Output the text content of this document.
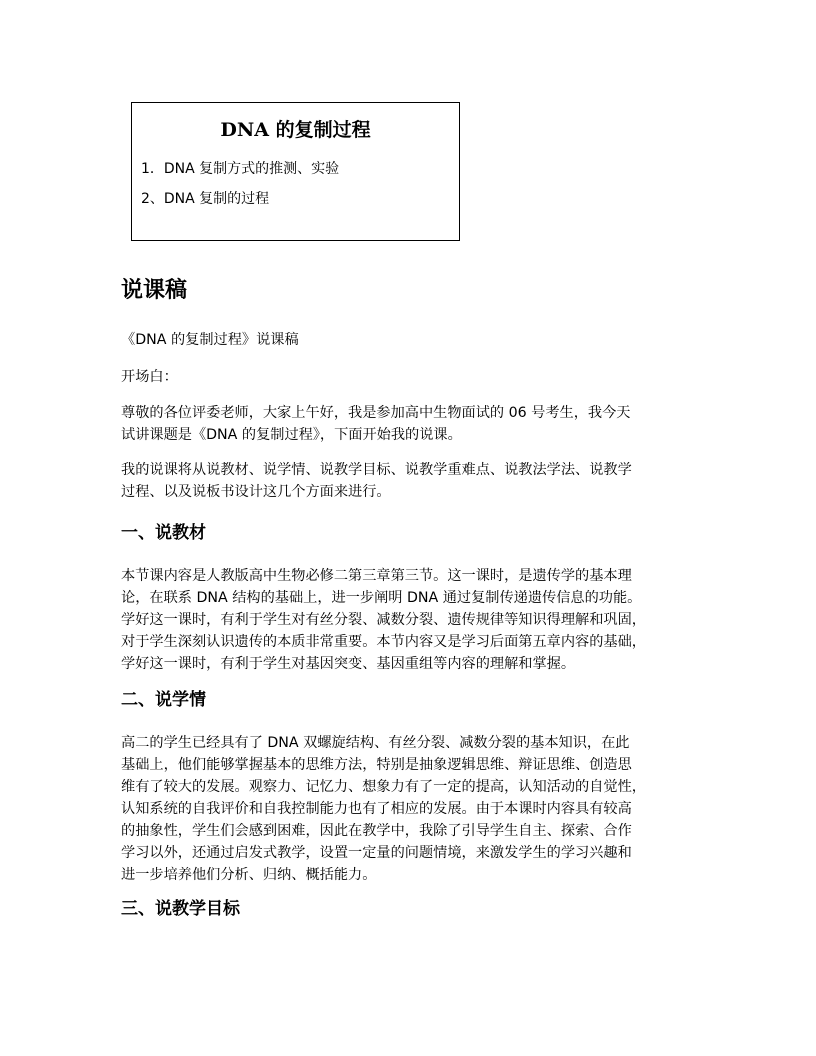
DNA 的复制过程
1．DNA 复制方式的推测、实验
2、DNA 复制的过程
说课稿

《DNA 的复制过程》说课稿

开场白：

尊敬的各位评委老师，大家上午好，我是参加高中生物面试的 06 号考生，我今天
试讲课题是《DNA 的复制过程》，下面开始我的说课。

我的说课将从说教材、说学情、说教学目标、说教学重难点、说教法学法、说教学
过程、以及说板书设计这几个方面来进行。

一、说教材

本节课内容是人教版高中生物必修二第三章第三节。这一课时，是遗传学的基本理
论，在联系 DNA 结构的基础上，进一步阐明 DNA 通过复制传递遗传信息的功能。
学好这一课时，有利于学生对有丝分裂、减数分裂、遗传规律等知识得理解和巩固，
对于学生深刻认识遗传的本质非常重要。本节内容又是学习后面第五章内容的基础，
学好这一课时，有利于学生对基因突变、基因重组等内容的理解和掌握。

二、说学情

高二的学生已经具有了 DNA 双螺旋结构、有丝分裂、减数分裂的基本知识，在此
基础上，他们能够掌握基本的思维方法，特别是抽象逻辑思维、辩证思维、创造思
维有了较大的发展。观察力、记忆力、想象力有了一定的提高，认知活动的自觉性，
认知系统的自我评价和自我控制能力也有了相应的发展。由于本课时内容具有较高
的抽象性，学生们会感到困难，因此在教学中，我除了引导学生自主、探索、合作
学习以外，还通过启发式教学，设置一定量的问题情境，来激发学生的学习兴趣和
进一步培养他们分析、归纳、概括能力。

三、说教学目标
